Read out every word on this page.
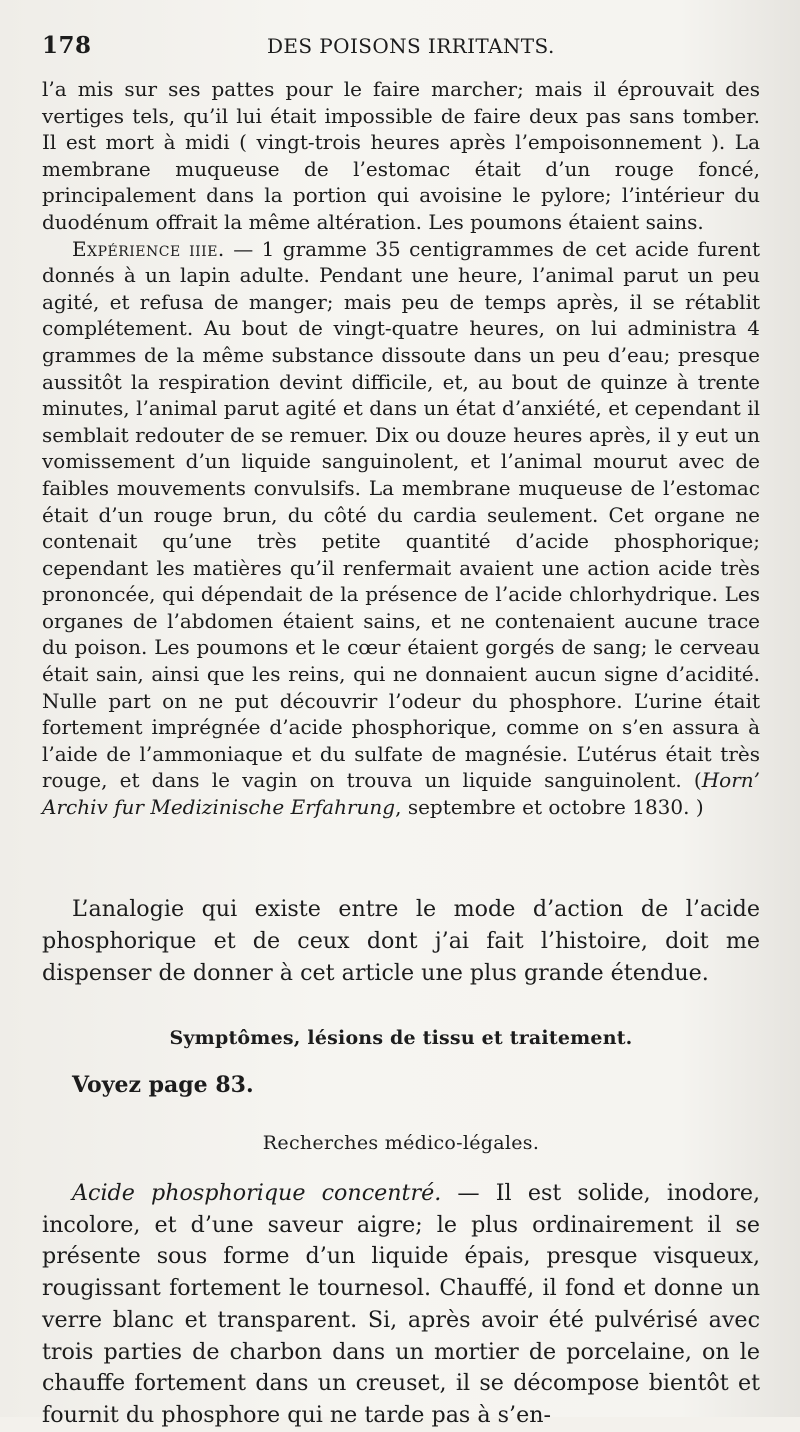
178	DES POISONS IRRITANTS.

l’a mis sur ses pattes pour le faire marcher; mais il éprouvait des vertiges tels, qu’il lui était impossible de faire deux pas sans tomber. Il est mort à midi ( vingt-trois heures après l’empoisonnement ). La membrane muqueuse de l’estomac était d’un rouge foncé, principalement dans la portion qui avoisine le pylore; l’intérieur du duodénum offrait la même altération. Les poumons étaient sains.
Expérience iiie. — 1 gramme 35 centigrammes de cet acide furent donnés à un lapin adulte. Pendant une heure, l’animal parut un peu agité, et refusa de manger; mais peu de temps après, il se rétablit complétement. Au bout de vingt-quatre heures, on lui administra 4 grammes de la même substance dissoute dans un peu d’eau; presque aussitôt la respiration devint difficile, et, au bout de quinze à trente minutes, l’animal parut agité et dans un état d’anxiété, et cependant il semblait redouter de se remuer. Dix ou douze heures après, il y eut un vomissement d’un liquide sanguinolent, et l’animal mourut avec de faibles mouvements convulsifs. La membrane muqueuse de l’estomac était d’un rouge brun, du côté du cardia seulement. Cet organe ne contenait qu’une très petite quantité d’acide phosphorique; cependant les matières qu’il renfermait avaient une action acide très prononcée, qui dépendait de la présence de l’acide chlorhydrique. Les organes de l’abdomen étaient sains, et ne contenaient aucune trace du poison. Les poumons et le cœur étaient gorgés de sang; le cerveau était sain, ainsi que les reins, qui ne donnaient aucun signe d’acidité. Nulle part on ne put découvrir l’odeur du phosphore. L’urine était fortement imprégnée d’acide phosphorique, comme on s’en assura à l’aide de l’ammoniaque et du sulfate de magnésie. L’utérus était très rouge, et dans le vagin on trouva un liquide sanguinolent. (Horn’ Archiv fur Medizinische Erfahrung, septembre et octobre 1830. )

L’analogie qui existe entre le mode d’action de l’acide phosphorique et de ceux dont j’ai fait l’histoire, doit me dispenser de donner à cet article une plus grande étendue.

Symptômes, lésions de tissu et traitement.
Voyez page 83.
Recherches médico-légales.

Acide phosphorique concentré. — Il est solide, inodore, incolore, et d’une saveur aigre; le plus ordinairement il se présente sous forme d’un liquide épais, presque visqueux, rougissant fortement le tournesol. Chauffé, il fond et donne un verre blanc et transparent. Si, après avoir été pulvérisé avec trois parties de charbon dans un mortier de porcelaine, on le chauffe fortement dans un creuset, il se décompose bientôt et fournit du phosphore qui ne tarde pas à s’en-
